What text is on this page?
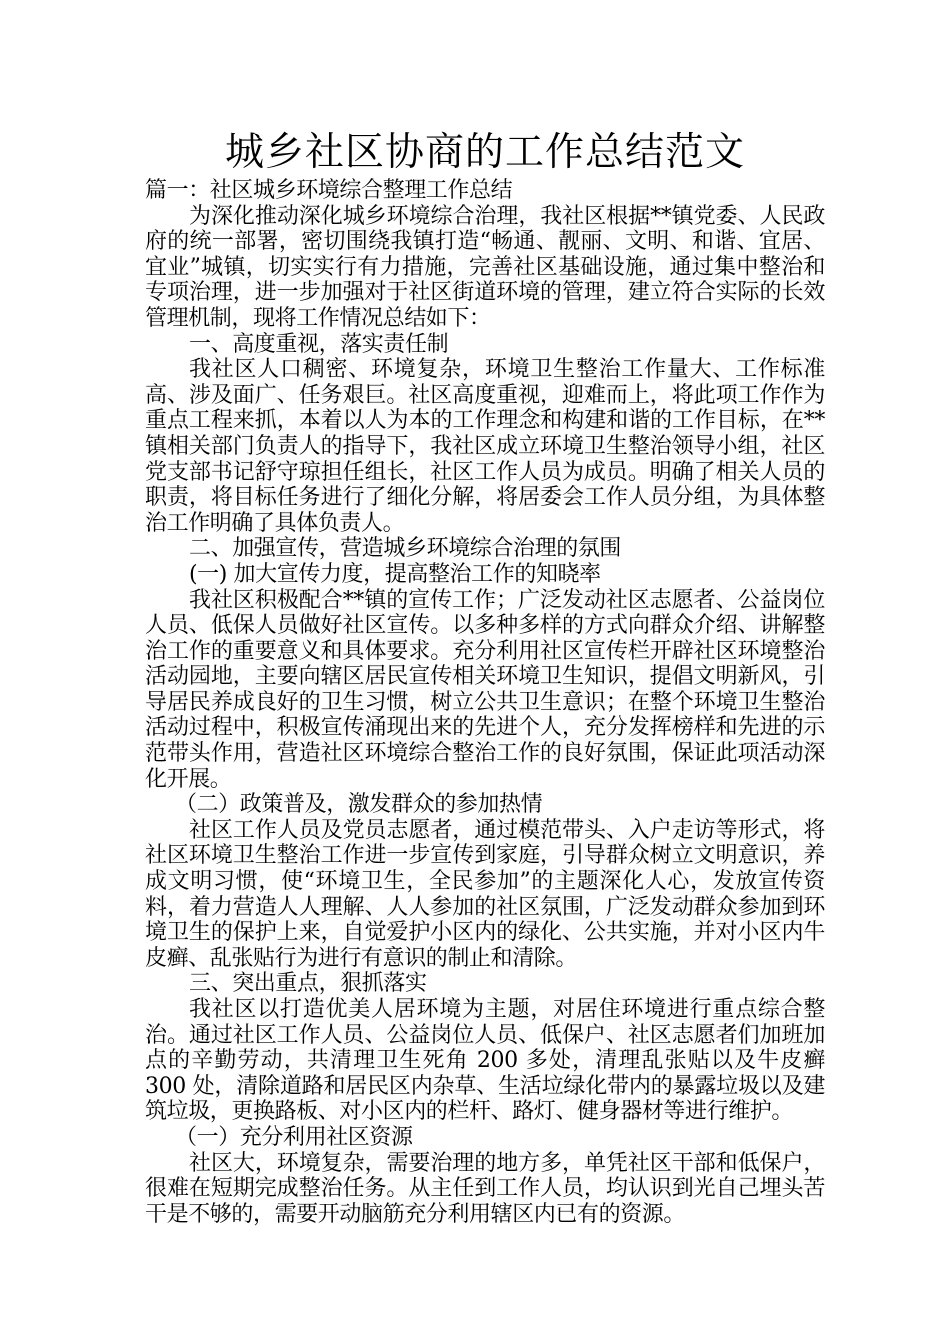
城乡社区协商的工作总结范文

篇一：社区城乡环境综合整理工作总结

为深化推动深化城乡环境综合治理，我社区根据**镇党委、人民政府的统一部署，密切围绕我镇打造“畅通、靓丽、文明、和谐、宜居、宜业”城镇，切实实行有力措施，完善社区基础设施，通过集中整治和专项治理，进一步加强对于社区街道环境的管理，建立符合实际的长效管理机制，现将工作情况总结如下：

一、高度重视，落实责任制

我社区人口稠密、环境复杂，环境卫生整治工作量大、工作标准高、涉及面广、任务艰巨。社区高度重视，迎难而上，将此项工作作为重点工程来抓，本着以人为本的工作理念和构建和谐的工作目标，在**镇相关部门负责人的指导下，我社区成立环境卫生整治领导小组，社区党支部书记舒守琼担任组长，社区工作人员为成员。明确了相关人员的职责，将目标任务进行了细化分解，将居委会工作人员分组，为具体整治工作明确了具体负责人。

二、加强宣传，营造城乡环境综合治理的氛围

(一) 加大宣传力度，提高整治工作的知晓率

我社区积极配合**镇的宣传工作；广泛发动社区志愿者、公益岗位人员、低保人员做好社区宣传。以多种多样的方式向群众介绍、讲解整治工作的重要意义和具体要求。充分利用社区宣传栏开辟社区环境整治活动园地，主要向辖区居民宣传相关环境卫生知识，提倡文明新风，引导居民养成良好的卫生习惯，树立公共卫生意识；在整个环境卫生整治活动过程中，积极宣传涌现出来的先进个人，充分发挥榜样和先进的示范带头作用，营造社区环境综合整治工作的良好氛围，保证此项活动深化开展。

（二）政策普及，激发群众的参加热情

社区工作人员及党员志愿者，通过模范带头、入户走访等形式，将社区环境卫生整治工作进一步宣传到家庭，引导群众树立文明意识，养成文明习惯，使“环境卫生，全民参加”的主题深化人心，发放宣传资料，着力营造人人理解、人人参加的社区氛围，广泛发动群众参加到环境卫生的保护上来，自觉爱护小区内的绿化、公共实施，并对小区内牛皮癣、乱张贴行为进行有意识的制止和清除。

三、突出重点，狠抓落实

我社区以打造优美人居环境为主题，对居住环境进行重点综合整治。通过社区工作人员、公益岗位人员、低保户、社区志愿者们加班加点的辛勤劳动，共清理卫生死角 200 多处，清理乱张贴以及牛皮癣 300 处，清除道路和居民区内杂草、生活垃绿化带内的暴露垃圾以及建筑垃圾，更换路板、对小区内的栏杆、路灯、健身器材等进行维护。

（一）充分利用社区资源

社区大，环境复杂，需要治理的地方多，单凭社区干部和低保户，很难在短期完成整治任务。从主任到工作人员，均认识到光自己埋头苦干是不够的，需要开动脑筋充分利用辖区内已有的资源。
